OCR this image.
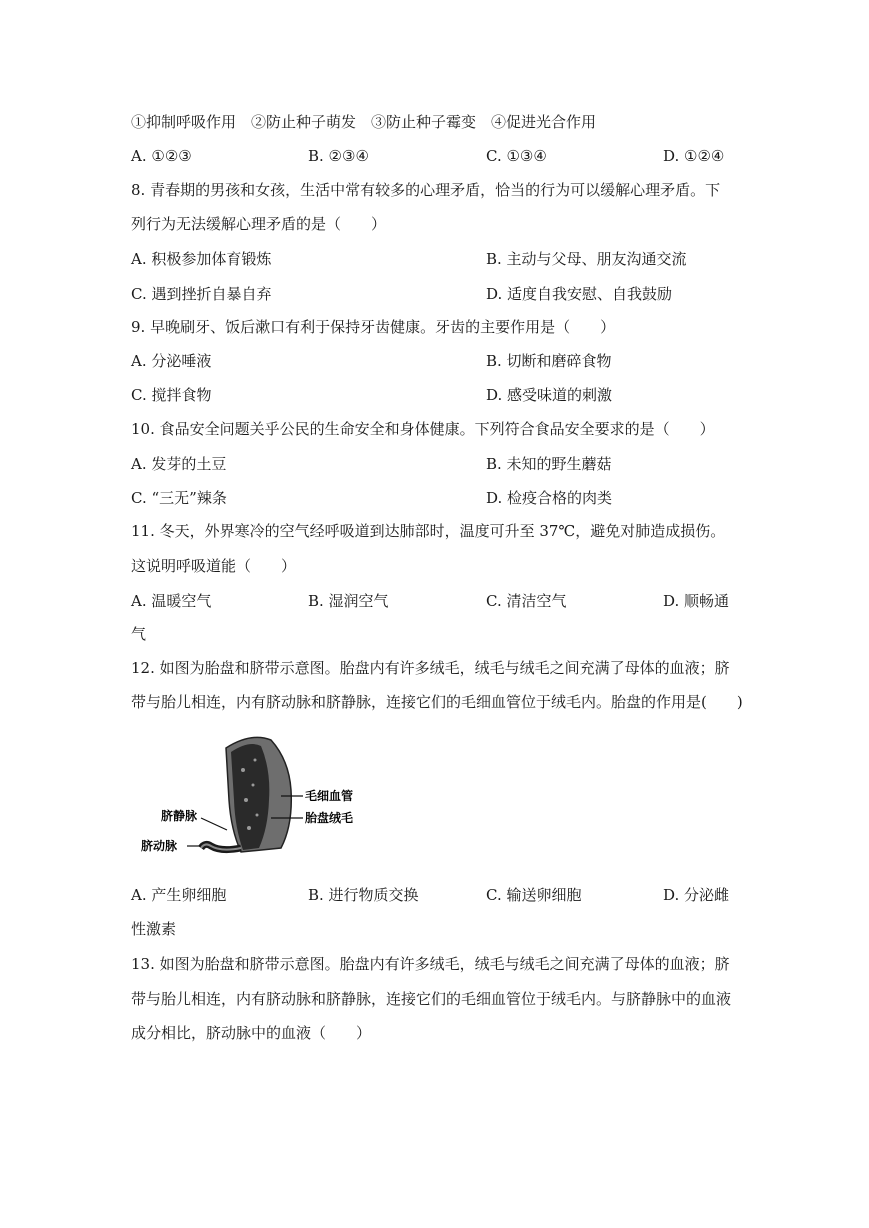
①抑制呼吸作用　②防止种子萌发　③防止种子霉变　④促进光合作用
A. ①②③	B. ②③④	C. ①③④	D. ①②④
8. 青春期的男孩和女孩，生活中常有较多的心理矛盾，恰当的行为可以缓解心理矛盾。下
列行为无法缓解心理矛盾的是（　　）
A. 积极参加体育锻炼	B. 主动与父母、朋友沟通交流
C. 遇到挫折自暴自弃	D. 适度自我安慰、自我鼓励
9. 早晚刷牙、饭后漱口有利于保持牙齿健康。牙齿的主要作用是（　　）
A. 分泌唾液	B. 切断和磨碎食物
C. 搅拌食物	D. 感受味道的刺激
10. 食品安全问题关乎公民的生命安全和身体健康。下列符合食品安全要求的是（　　）
A. 发芽的土豆	B. 未知的野生蘑菇
C. “三无”辣条	D. 检疫合格的肉类
11. 冬天，外界寒冷的空气经呼吸道到达肺部时，温度可升至 37℃，避免对肺造成损伤。
这说明呼吸道能（　　）
A. 温暖空气	B. 湿润空气	C. 清洁空气	D. 顺畅通
气
12. 如图为胎盘和脐带示意图。胎盘内有许多绒毛，绒毛与绒毛之间充满了母体的血液；脐
带与胎儿相连，内有脐动脉和脐静脉，连接它们的毛细血管位于绒毛内。胎盘的作用是(　　)
毛细血管
胎盘绒毛
脐静脉
脐动脉
A. 产生卵细胞	B. 进行物质交换	C. 输送卵细胞	D. 分泌雌
性激素
13. 如图为胎盘和脐带示意图。胎盘内有许多绒毛，绒毛与绒毛之间充满了母体的血液；脐
带与胎儿相连，内有脐动脉和脐静脉，连接它们的毛细血管位于绒毛内。与脐静脉中的血液
成分相比，脐动脉中的血液（　　）
